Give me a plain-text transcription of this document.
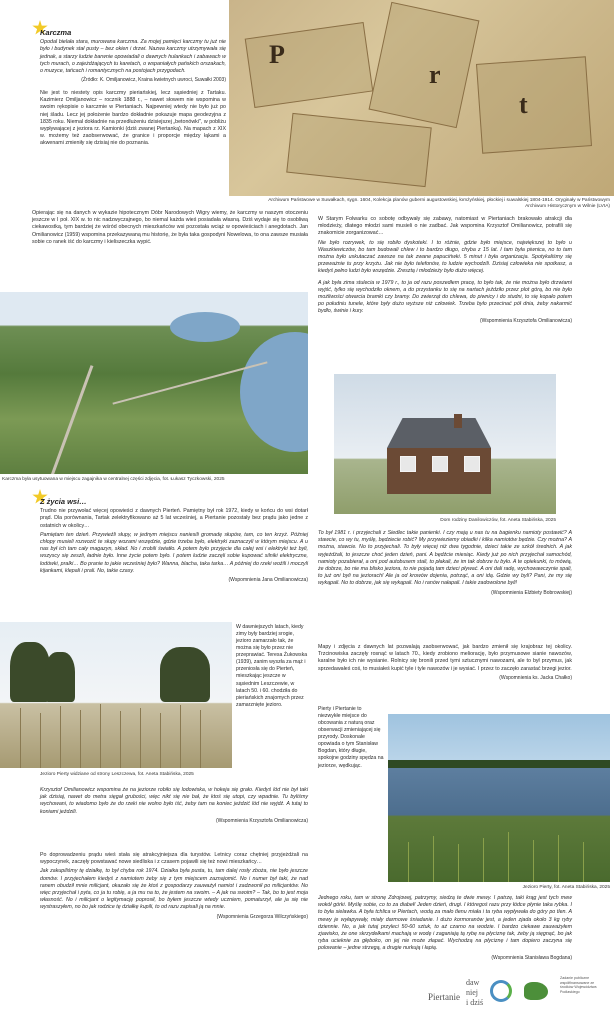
Karczma

Opodal bielała stara, murowana karczma. Za mojej pamięci karczmy tu już nie było i budynek stał pusty – bez okien i drzwi. Nazwa karczmy utrzymywała się jednak, a starzy ludzie barwnie opowiadali o dawnych hulankach i zabawach w tych murach, o zajeżdżających tu karetach, o wspaniałych pańskich orszakach, o muzyce, tańcach i romantycznych na postojach przygodach.

(Źródło: K. Omiljanowicz, Kraina kwietnych uwroci, Suwałki 2003)

Nie jest to niestety opis karczmy pieriańskiej, lecz sąsiedniej z Tartaku. Kazimierz Omiljanowicz – rocznik 1888 r., – nawet słowem nie wspomina w swoim rękopisie o karczmie w Piertaniach. Najpewniej wtedy nie było już po niej śladu. Lecz jej położenie bardzo dokładnie pokazuje mapa geodezyjna z 1835 roku. Niemal dokładnie na przedłużeniu dzisiejszej „betonówki", w pobliżu wypływającej z jeziora rz. Kamionki (dziś zwanej Piertanką). Na mapach z XIX w. możemy też zaobserwować, że granice i proporcje między łąkami a akwenami zmieniły się dzisiaj nie do poznania.

P
r
t
Archiwum Państwowe w Suwałkach, sygn. 1604, Kolekcja planów guberni augustowskiej, łomżyńskiej, płockiej i suwalskiej 1804-1914. Oryginały w Państwowym Archiwum Historycznym w Wilnie (LVIA)

Opierając się na danych w wykazie hipotecznym Dóbr Narodowych Wigry wiemy, że karczmy w naszym otoczeniu jeszcze w I poł. XIX w. to nic nadzwyczajnego, bo niemal każda wieś posiadała własną. Dziś wydaje się to osobliwą ciekawostką, tym bardziej że wśród obecnych mieszkańców wsi pozostała wciąż w opowieściach i anegdotach. Jan Omilianowicz (1959) wspomina przekazywaną mu historię, że była taka gospodyni Nowelowa, to ona zawsze musiała sobie co ranek iść do karczmy i kieliszeczka wypić.

Karczma była usytuowana w miejscu zagajnika w centralnej części zdjęcia, fot. Łukasz Tyczkowski, 2025
Z życia wsi…

Trudno nie przywołać więcej opowieści z dawnych Pierteń. Pamiętny był rok 1972, kiedy w końcu do wsi dotarł prąd. Dla porównania, Tartak zelektryfikowano aż 5 lat wcześniej, a Piertanie pozostały bez prądu jako jedne z ostatnich w okolicy…

Pamiętam ten dzień. Przywieźli słupy, w jednym miejscu naniesili gromadę słupów, tam, co ten krzyż. Później chłopy musieli rozwozić te słupy wozami wszędzie, gdzie trzeba było, elektryki zaznaczyli w którym miejscu. A u nas był ich tam cały magazyn, skład. No i zrobili światło. A potem było przyjęcie dla całej wsi i elektryki też byli, wszyscy się zeszli, ładnie było. Inne życie potem było. I potem ludzie zaczęli sobie kupować silniki elektryczne, lodówki, pralki… Bo pranie to jakie wcześniej było? Wanna, blacha, taka tarka… A później do rzeki woźili i moczyli kijankami, klepali i prali. No, takie czasy.

(Wspomnienia Jana Omilianowicza)

Jezioro Pierty widziane od strony Leszczewa, fot. Aneta Stabińska, 2025

W dawniejszych latach, kiedy zimy były bardziej srogie, jezioro zamarzało tak, że można się było przez nie przeprawiać. Teresa Żukowska (1939), zanim wyszła za mąż i przeniosła się do Pierteń, mieszkając jeszcze w sąsiednim Leszczewie, w latach 50. i 60. chodziła do pieriańskich znajomych przez zamarznięte jezioro.

Krzysztof Omilianowicz wspomina że na jeziorze robiło się lodowiska, w hokeja się grało. Kiedyś lód nie był taki jak dzisiaj, nawet do metra sięgał grubości, więc nikt się nie bał, że ktoś się utopi, czy wpadnie. Tu byliśmy wychowani, to wiadomo było że do rzeki nie wolno było iść, żeby tam na koniec jeździć lód nie wyjdź. A tutaj to koniami jeździli.

(Wspomnienia Krzysztofa Omilianowicza)

Po doprowadzeniu prądu wieś stała się atrakcyjniejsza dla turystów. Letnicy coraz chętniej przyjeżdżali na wypoczynek, zaczęły powstawać nowe siedliska i z czasem pojawili się też nowi mieszkańcy…

Jak zakupiliśmy tę działkę, to był chyba rok 1974. Działka była pusta, tu, tam dalej rosły zboża, nie było jeszcze domów. I przyjechałem kiedyś z namiotem żeby się z tym miejscem zaznajomić. No i numer był taki, że nad ranem obudził mnie milicjant, okazało się że ktoś z gospodarzy zauważył namiot i zadzwonił po milicjantów. No więc przyjechał i pyta, co ja tu robię, a ja mu na to, że jestem na swoim. – A jak na swoim? – Tak, bo to jest moja własność. No i milicjant o legitymację poprosił, bo byłem jeszcze wtedy uczniem, pomaturzył, ale ja się nie wystraszyłem, no bo jak rodzice tę działkę kupili, to od razu zapisali ją na mnie.

(Wspomnienia Grzegorza Wilczyńskiego)

W Starym Folwarku co sobotę odbywały się zabawy, natomiast w Piertaniach brakowało atrakcji dla młodzieży, dlatego młodzi sami musieli o nie zadbać. Jak wspomina Krzysztof Omilianowicz, potrafili się znakomicie zorganizować…

Nie było rozrywek, to się robiło dyskoteki. I to różnie, gdzie było miejsce, największej to było u Waszkiewiczów, bo tam budowali chlew i to bardzo długo, chyba z 15 lat. I tam była piwnica, no to tam można było uskutaczać zawsze na tak zwane papucińwki. 5 minut i była organizacja. Spotykaliśmy się przeważnie tu przy krzyżu. Jak nie było telefonów, to ludzie wychodzili. Dzisiaj człowieka nie spotkasz, a kiedyś pełno ludzi było wszędzie. Zresztą i młodzieży było dużo więcej.

A jak była zima stulecia w 1979 r., to ja od razu poszedłem pracę, to było tak, że nie można było drzwiami wyjść, tylko się wychodziło oknem, a do przystanku to się na nartach jeździło przez plot górą, bo nie było możliwości otwarcia bramki czy bramy. Do zwierząt do chlewa, do piwnicy i do studni, to się kopało potem po południu tunele, które były dużo wyższe niż człowiek. Trzeba było przecinać pół dnia, żeby nakarmić bydło, świnie i kury.

(Wspomnienia Krzysztofa Omilianowicza)

Dom rodziny Danilowiczów, fot. Aneta Stabińska, 2025

To był 1981 r. i przyjechali z Siedlec takie panienki. I czy mają u nas tu na bagienku namioty postawić? A stawcie, co wy tu, myślę, będziecie robić? My przywieziemy obiadki i kilka namiotów będzie. Czy można? A można, stawcie. No to przyjechali. To były więcej niż dwa tygodnie, dzieci takie ze szkół średnich. A jak wyjeżdżali, to jeszcze choć jeden dzień, pani. A będźcie miesiąc. Kiedy już po nich przyjechał samochód, namioty pozabierał, a oni pod autobusem stali, to płakali, że im tak dobrze tu było. A te opiekunki, to mówią, że dobrze, bo nie ma blisko jeziora, to nie pojadą tam dzieci pływać. A oni dali radę, wychowawczynie spali, to już oni byli na jeziorach! Ale ja od krowów dojenia, potrząć, a oni idą. Gdzie wy byli? Pani, że my się wykąpali. No to dobrze, jak się wykąpali. No i ranów nałapali. I takie zadowolone byli!

(Wspomnienia Elżbiety Bobrowskiej)

Mapy i zdjęcia z dawnych lat pozwalają zaobserwować, jak bardzo zmienił się krajobraz tej okolicy. Trzcinowiska zaczęły rosnąć w latach 70., kiedy zrobiono meliorację, było przymusowe sianie nawozów, karalne było ich nie wysianie. Rolnicy się bronili przed tymi sztucznymi nawozami, ale to był przymus, jak sprzedawałeś coś, to musiałeś kupić tyle i tyle nawozów i je wysiać. I przez to zaczęło zarastać brzegi jezior.

(Wspomnienia ks. Jacka Chałko)

Pierty i Piertanie to niezwykłe miejsce do obcowania z naturą oraz obserwacji zmieniającej się przyrody. Doskonale opowiada o tym Stanisław Bogdan, który długie, spokojne godziny spędza na jeziorze, wędkując.

Jezioro Pierty, fot. Aneta Stabińska, 2025

Jednego roku, tam w stronę Zdrojowej, patrzymy, siedzą te dwie mewy. I patrzę, taki krąg jest tych mew wokół górki. Myślę sobie, co to za diabeł! Jeden dzień, drugi. I któregoś razu przy łódce płynie taka rybka. I to była sielawka. A była tchlica w Piertach, wodą za mało tlenu miała i ta ryba wypływała do góry po tlen. A mewy je wyłapywały, miały darmowe śniadanie. I dużo kormoranów jest, a jeden zjada około 3 kg ryby dziennie. No, a jak tutaj przyleci 50-60 sztuk, to aż czarno na wodzie. I bardzo ciekawe zauważyłem zjawisko, że one skrzydełkami machają w wodę i zaganiają tą rybę na płyciznę tak, żeby ją sięgnąć, bo jak ryba ucieknie za głęboko, on jej nie może złapać. Wychodzą na płyciznę i tam dopiero zaczyna się polowanie – jedne strzegą, a drugie nurkują i łapią.

(Wspomnienia Stanisława Bogdana)

Piertanie
daw
niej
i dziś
Zadanie publiczne współfinansowane ze środków Województwa Podlaskiego
